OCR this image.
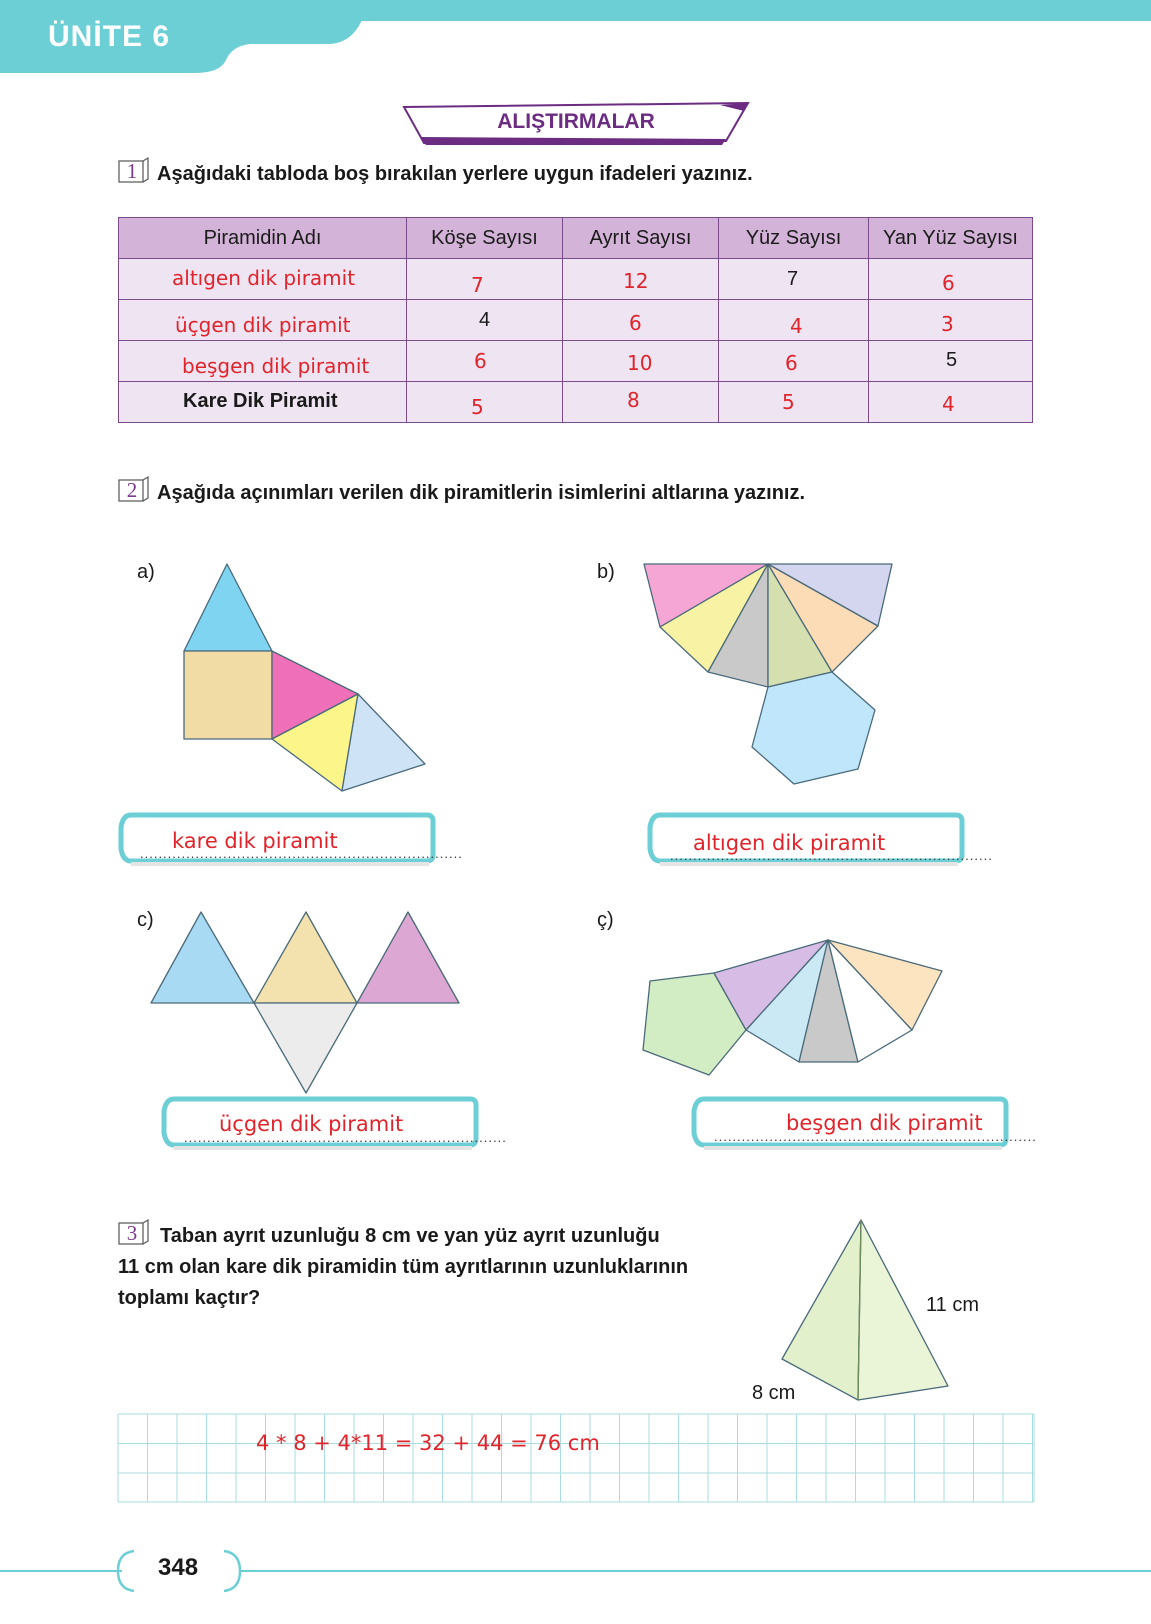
ÜNİTE 6
ALIŞTIRMALAR
1 Aşağıdaki tabloda boş bırakılan yerlere uygun ifadeleri yazınız.
Piramidin Adı	Köşe Sayısı	Ayrıt Sayısı	Yüz Sayısı	Yan Yüz Sayısı

altıgen dik piramit	7	12	7	6

üçgen dik piramit	4	6	4	3

beşgen dik piramit	6	10	6	5

Kare Dik Piramit	5	8	5	4
2 Aşağıda açınımları verilen dik piramitlerin isimlerini altlarına yazınız.
a)	b)
c)	ç)
kare dik piramit
......................................................................	altıgen dik piramit
......................................................................
üçgen dik piramit
......................................................................
beşgen dik piramit
......................................................................
3 Taban ayrıt uzunluğu 8 cm ve yan yüz ayrıt uzunluğu
11 cm olan kare dik piramidin tüm ayrıtlarının uzunluklarının
toplamı kaçtır?	11 cm
8 cm
4 * 8 + 4*11 = 32 + 44 = 76 cm
348
